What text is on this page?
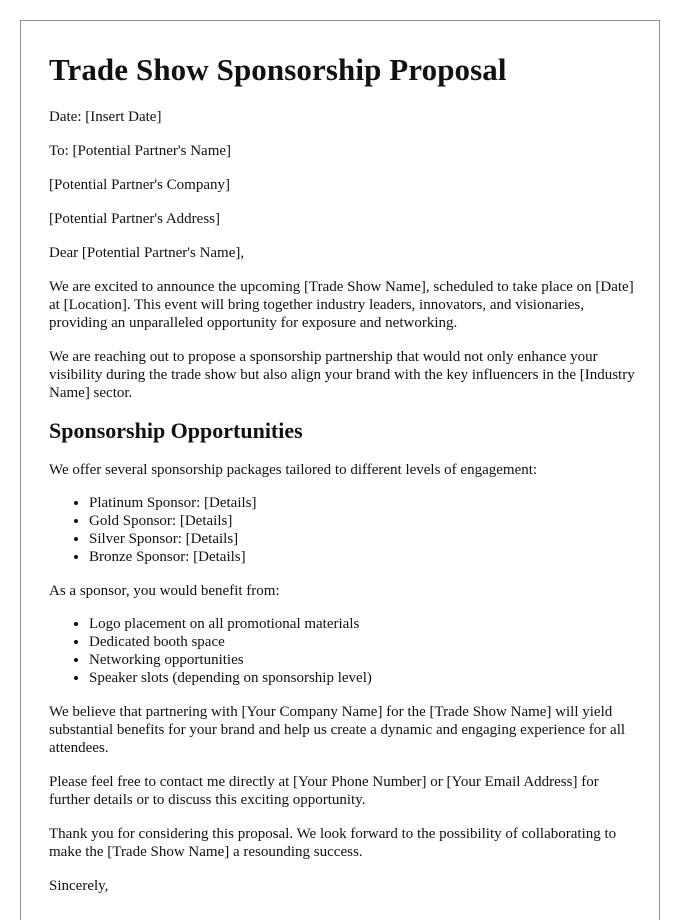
Trade Show Sponsorship Proposal

Date: [Insert Date]

To: [Potential Partner's Name]

[Potential Partner's Company]

[Potential Partner's Address]

Dear [Potential Partner's Name],

We are excited to announce the upcoming [Trade Show Name], scheduled to take place on [Date] at [Location]. This event will bring together industry leaders, innovators, and visionaries, providing an unparalleled opportunity for exposure and networking.

We are reaching out to propose a sponsorship partnership that would not only enhance your visibility during the trade show but also align your brand with the key influencers in the [Industry Name] sector.

Sponsorship Opportunities

We offer several sponsorship packages tailored to different levels of engagement:

• Platinum Sponsor: [Details]
• Gold Sponsor: [Details]
• Silver Sponsor: [Details]
• Bronze Sponsor: [Details]

As a sponsor, you would benefit from:

• Logo placement on all promotional materials
• Dedicated booth space
• Networking opportunities
• Speaker slots (depending on sponsorship level)

We believe that partnering with [Your Company Name] for the [Trade Show Name] will yield substantial benefits for your brand and help us create a dynamic and engaging experience for all attendees.

Please feel free to contact me directly at [Your Phone Number] or [Your Email Address] for further details or to discuss this exciting opportunity.

Thank you for considering this proposal. We look forward to the possibility of collaborating to make the [Trade Show Name] a resounding success.

Sincerely,
